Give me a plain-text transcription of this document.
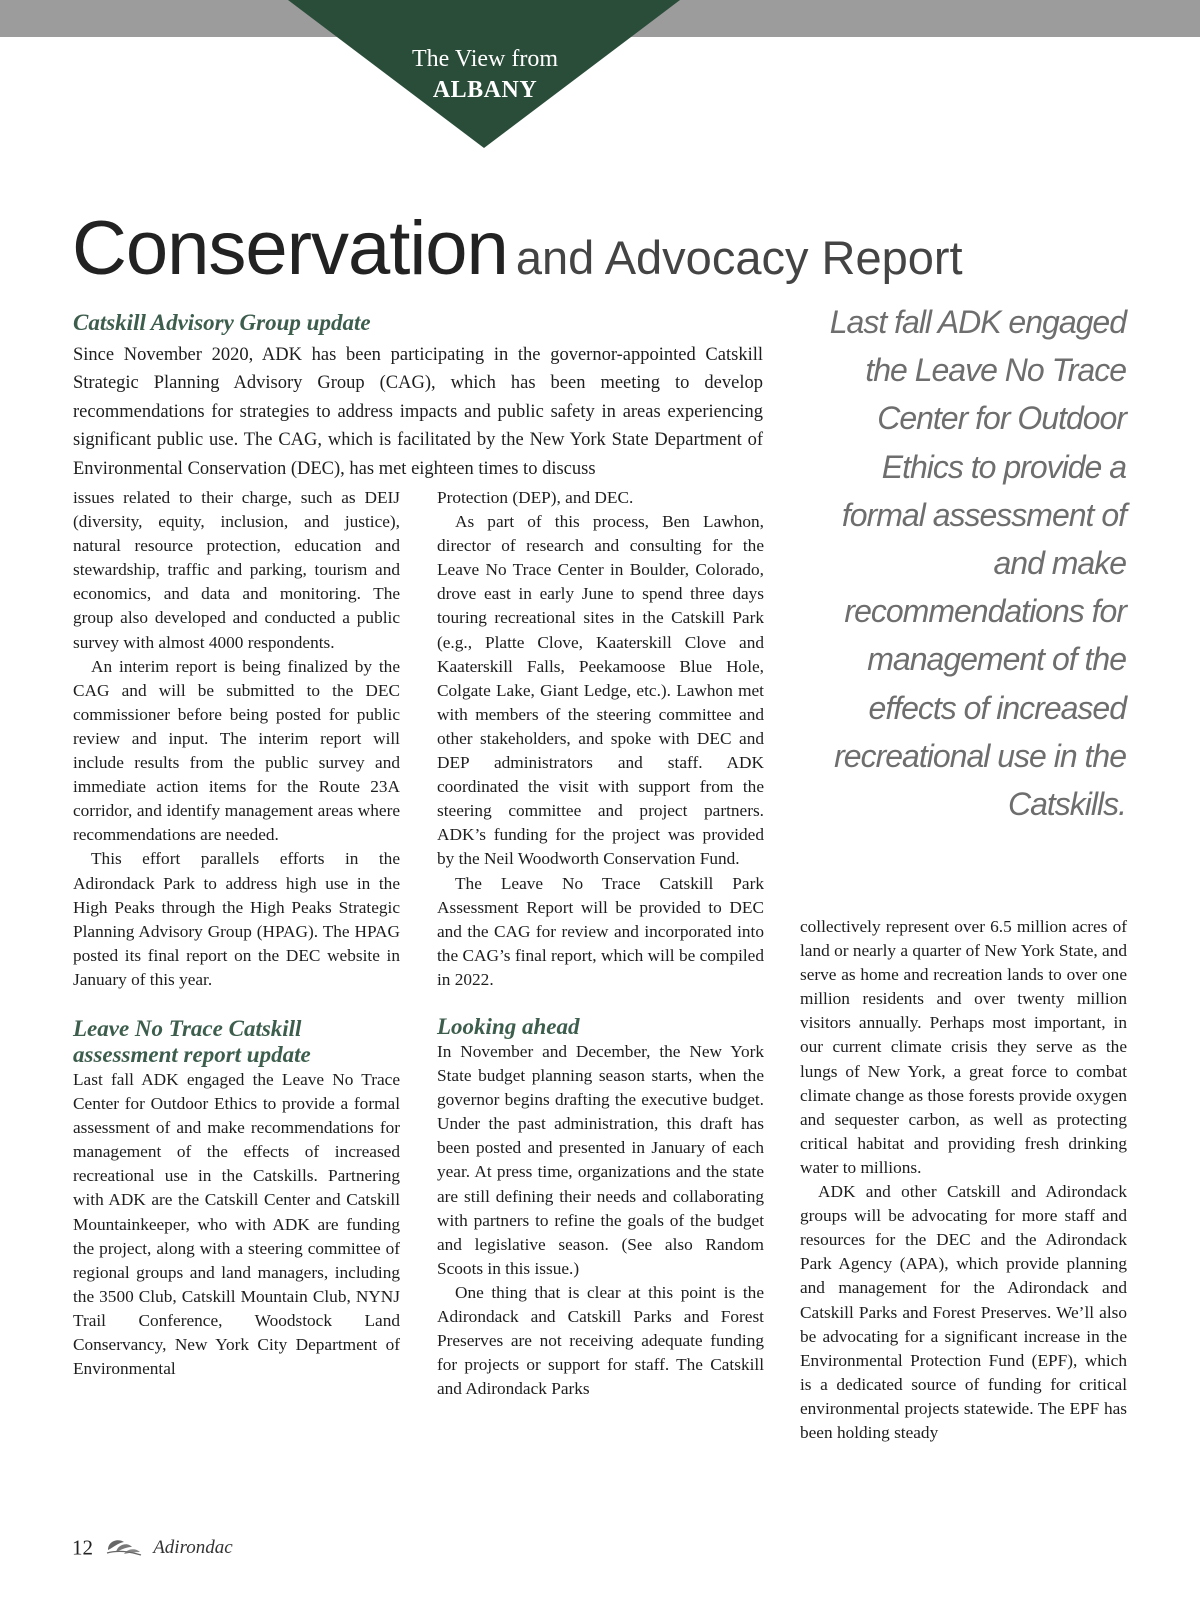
The View from
ALBANY
Conservation and Advocacy Report
Catskill Advisory Group update

Since November 2020, ADK has been participating in the governor-appointed Catskill Strategic Planning Advisory Group (CAG), which has been meeting to develop recommendations for strategies to address impacts and public safety in areas experiencing significant public use. The CAG, which is facilitated by the New York State Department of Environmental Conservation (DEC), has met eighteen times to discuss

issues related to their charge, such as DEIJ (diversity, equity, inclusion, and justice), natural resource protection, education and stewardship, traffic and parking, tourism and economics, and data and monitoring. The group also developed and conducted a public survey with almost 4000 respondents.

An interim report is being finalized by the CAG and will be submitted to the DEC commissioner before being posted for public review and input. The interim report will include results from the public survey and immediate action items for the Route 23A corridor, and identify management areas where recommendations are needed.

This effort parallels efforts in the Adirondack Park to address high use in the High Peaks through the High Peaks Strategic Planning Advisory Group (HPAG). The HPAG posted its final report on the DEC website in January of this year.

Leave No Trace Catskill
assessment report update

Last fall ADK engaged the Leave No Trace Center for Outdoor Ethics to provide a formal assessment of and make recommendations for management of the effects of increased recreational use in the Catskills. Partnering with ADK are the Catskill Center and Catskill Mountainkeeper, who with ADK are funding the project, along with a steering committee of regional groups and land managers, including the 3500 Club, Catskill Mountain Club, NYNJ Trail Conference, Woodstock Land Conservancy, New York City Department of Environmental

Protection (DEP), and DEC.

As part of this process, Ben Lawhon, director of research and consulting for the Leave No Trace Center in Boulder, Colorado, drove east in early June to spend three days touring recreational sites in the Catskill Park (e.g., Platte Clove, Kaaterskill Clove and Kaaterskill Falls, Peekamoose Blue Hole, Colgate Lake, Giant Ledge, etc.). Lawhon met with members of the steering committee and other stakeholders, and spoke with DEC and DEP administrators and staff. ADK coordinated the visit with support from the steering committee and project partners. ADK’s funding for the project was provided by the Neil Woodworth Conservation Fund.

The Leave No Trace Catskill Park Assessment Report will be provided to DEC and the CAG for review and incorporated into the CAG’s final report, which will be compiled in 2022.

Looking ahead

In November and December, the New York State budget planning season starts, when the governor begins drafting the executive budget. Under the past administration, this draft has been posted and presented in January of each year. At press time, organizations and the state are still defining their needs and collaborating with partners to refine the goals of the budget and legislative season. (See also Random Scoots in this issue.)

One thing that is clear at this point is the Adirondack and Catskill Parks and Forest Preserves are not receiving adequate funding for projects or support for staff. The Catskill and Adirondack Parks

Last fall ADK engaged the Leave No Trace Center for Outdoor Ethics to provide a formal assessment of and make recommendations for management of the effects of increased recreational use in the Catskills.

collectively represent over 6.5 million acres of land or nearly a quarter of New York State, and serve as home and recreation lands to over one million residents and over twenty million visitors annually. Perhaps most important, in our current climate crisis they serve as the lungs of New York, a great force to combat climate change as those forests provide oxygen and sequester carbon, as well as protecting critical habitat and providing fresh drinking water to millions.

ADK and other Catskill and Adirondack groups will be advocating for more staff and resources for the DEC and the Adirondack Park Agency (APA), which provide planning and management for the Adirondack and Catskill Parks and Forest Preserves. We’ll also be advocating for a significant increase in the Environmental Protection Fund (EPF), which is a dedicated source of funding for critical environmental projects statewide. The EPF has been holding steady

12	Adirondac
